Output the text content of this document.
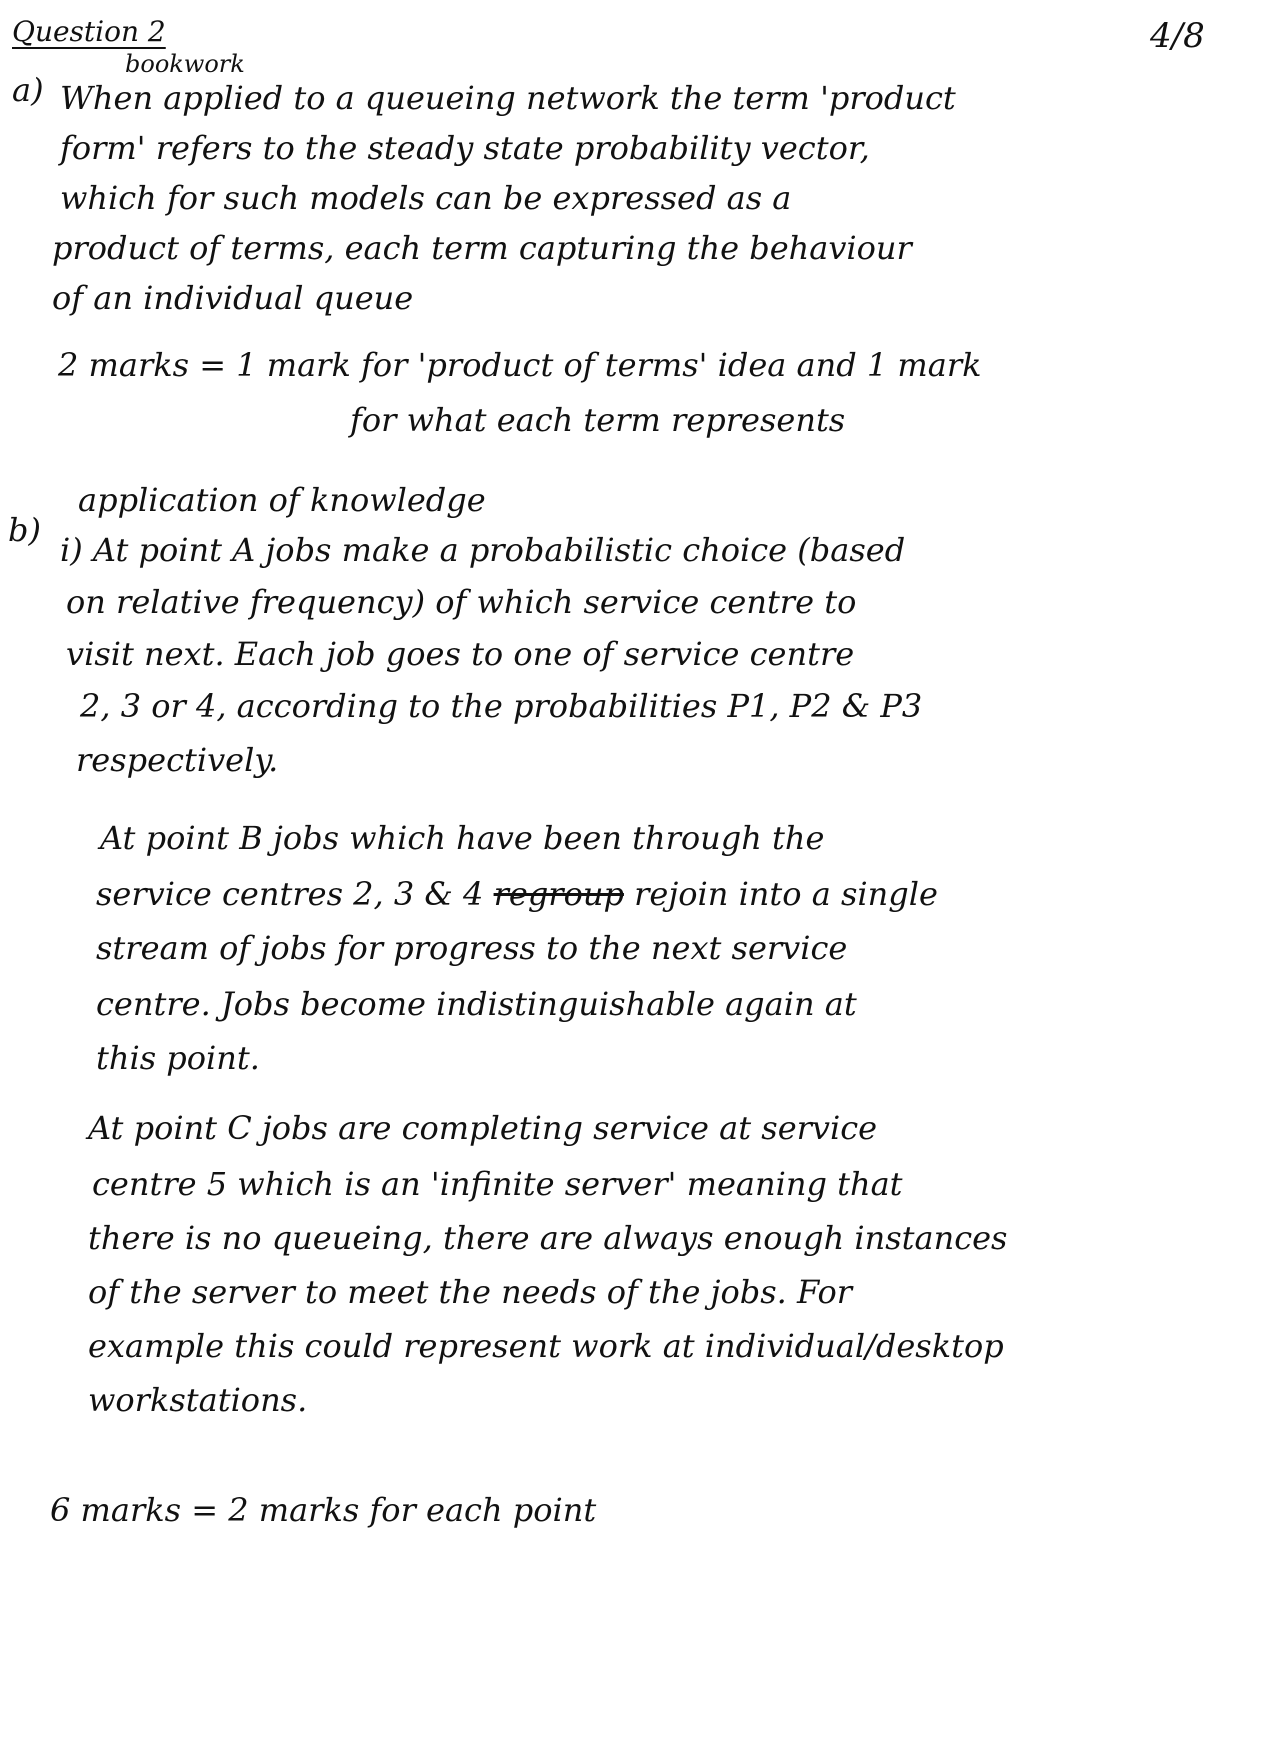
Question 2	4/8
bookwork
a) When applied to a queueing network the term 'product
form' refers to the steady state probability vector,
which for such models can be expressed as a
product of terms, each term capturing the behaviour
of an individual queue
2 marks = 1 mark for 'product of terms' idea and 1 mark
for what each term represents
application of knowledge
b)
i) At point A jobs make a probabilistic choice (based
on relative frequency) of which service centre to
visit next. Each job goes to one of service centre
2, 3 or 4, according to the probabilities P1, P2 & P3
respectively.
At point B jobs which have been through the
service centres 2, 3 & 4 regroup rejoin into a single
stream of jobs for progress to the next service
centre. Jobs become indistinguishable again at
this point.
At point C jobs are completing service at service
centre 5 which is an 'infinite server' meaning that
there is no queueing, there are always enough instances
of the server to meet the needs of the jobs. For
example this could represent work at individual/desktop
workstations.
6 marks = 2 marks for each point
